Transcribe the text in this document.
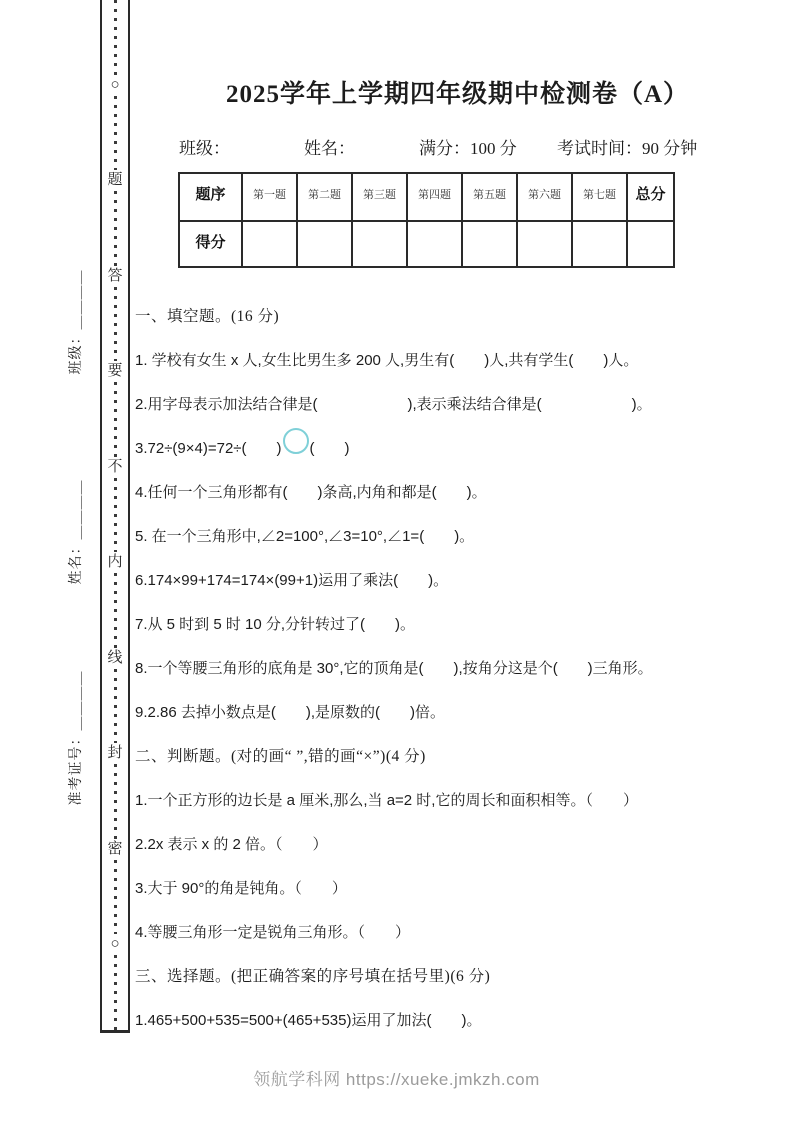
班级：＿＿＿＿
姓名：＿＿＿＿
准考证号：＿＿＿＿
○
题
答
要
不
内
线
封
密
○
2025学年上学期四年级期中检测卷（A）
班级：	姓名：	满分：100 分	考试时间：90 分钟
题序	第一题	第二题	第三题	第四题	第五题	第六题	第七题	总分
得分								
一、填空题。(16 分)
1. 学校有女生 x 人,女生比男生多 200 人,男生有(　　)人,共有学生(　　)人。
2.用字母表示加法结合律是(　　　　　　),表示乘法结合律是(　　　　　　)。
3.72÷(9×4)=72÷(　　) (　　)
4.任何一个三角形都有(　　)条高,内角和都是(　　)。
5. 在一个三角形中,∠2=100°,∠3=10°,∠1=(　　)。
6.174×99+174=174×(99+1)运用了乘法(　　)。
7.从 5 时到 5 时 10 分,分针转过了(　　)。
8.一个等腰三角形的底角是 30°,它的顶角是(　　),按角分这是个(　　)三角形。
9.2.86 去掉小数点是(　　),是原数的(　　)倍。
二、判断题。(对的画“ ”,错的画“×”)(4 分)
1.一个正方形的边长是 a 厘米,那么,当 a=2 时,它的周长和面积相等。（　　）
2.2x 表示 x 的 2 倍。（　　）
3.大于 90°的角是钝角。（　　）
4.等腰三角形一定是锐角三角形。（　　）
三、选择题。(把正确答案的序号填在括号里)(6 分)
1.465+500+535=500+(465+535)运用了加法(　　)。
领航学科网 https://xueke.jmkzh.com
